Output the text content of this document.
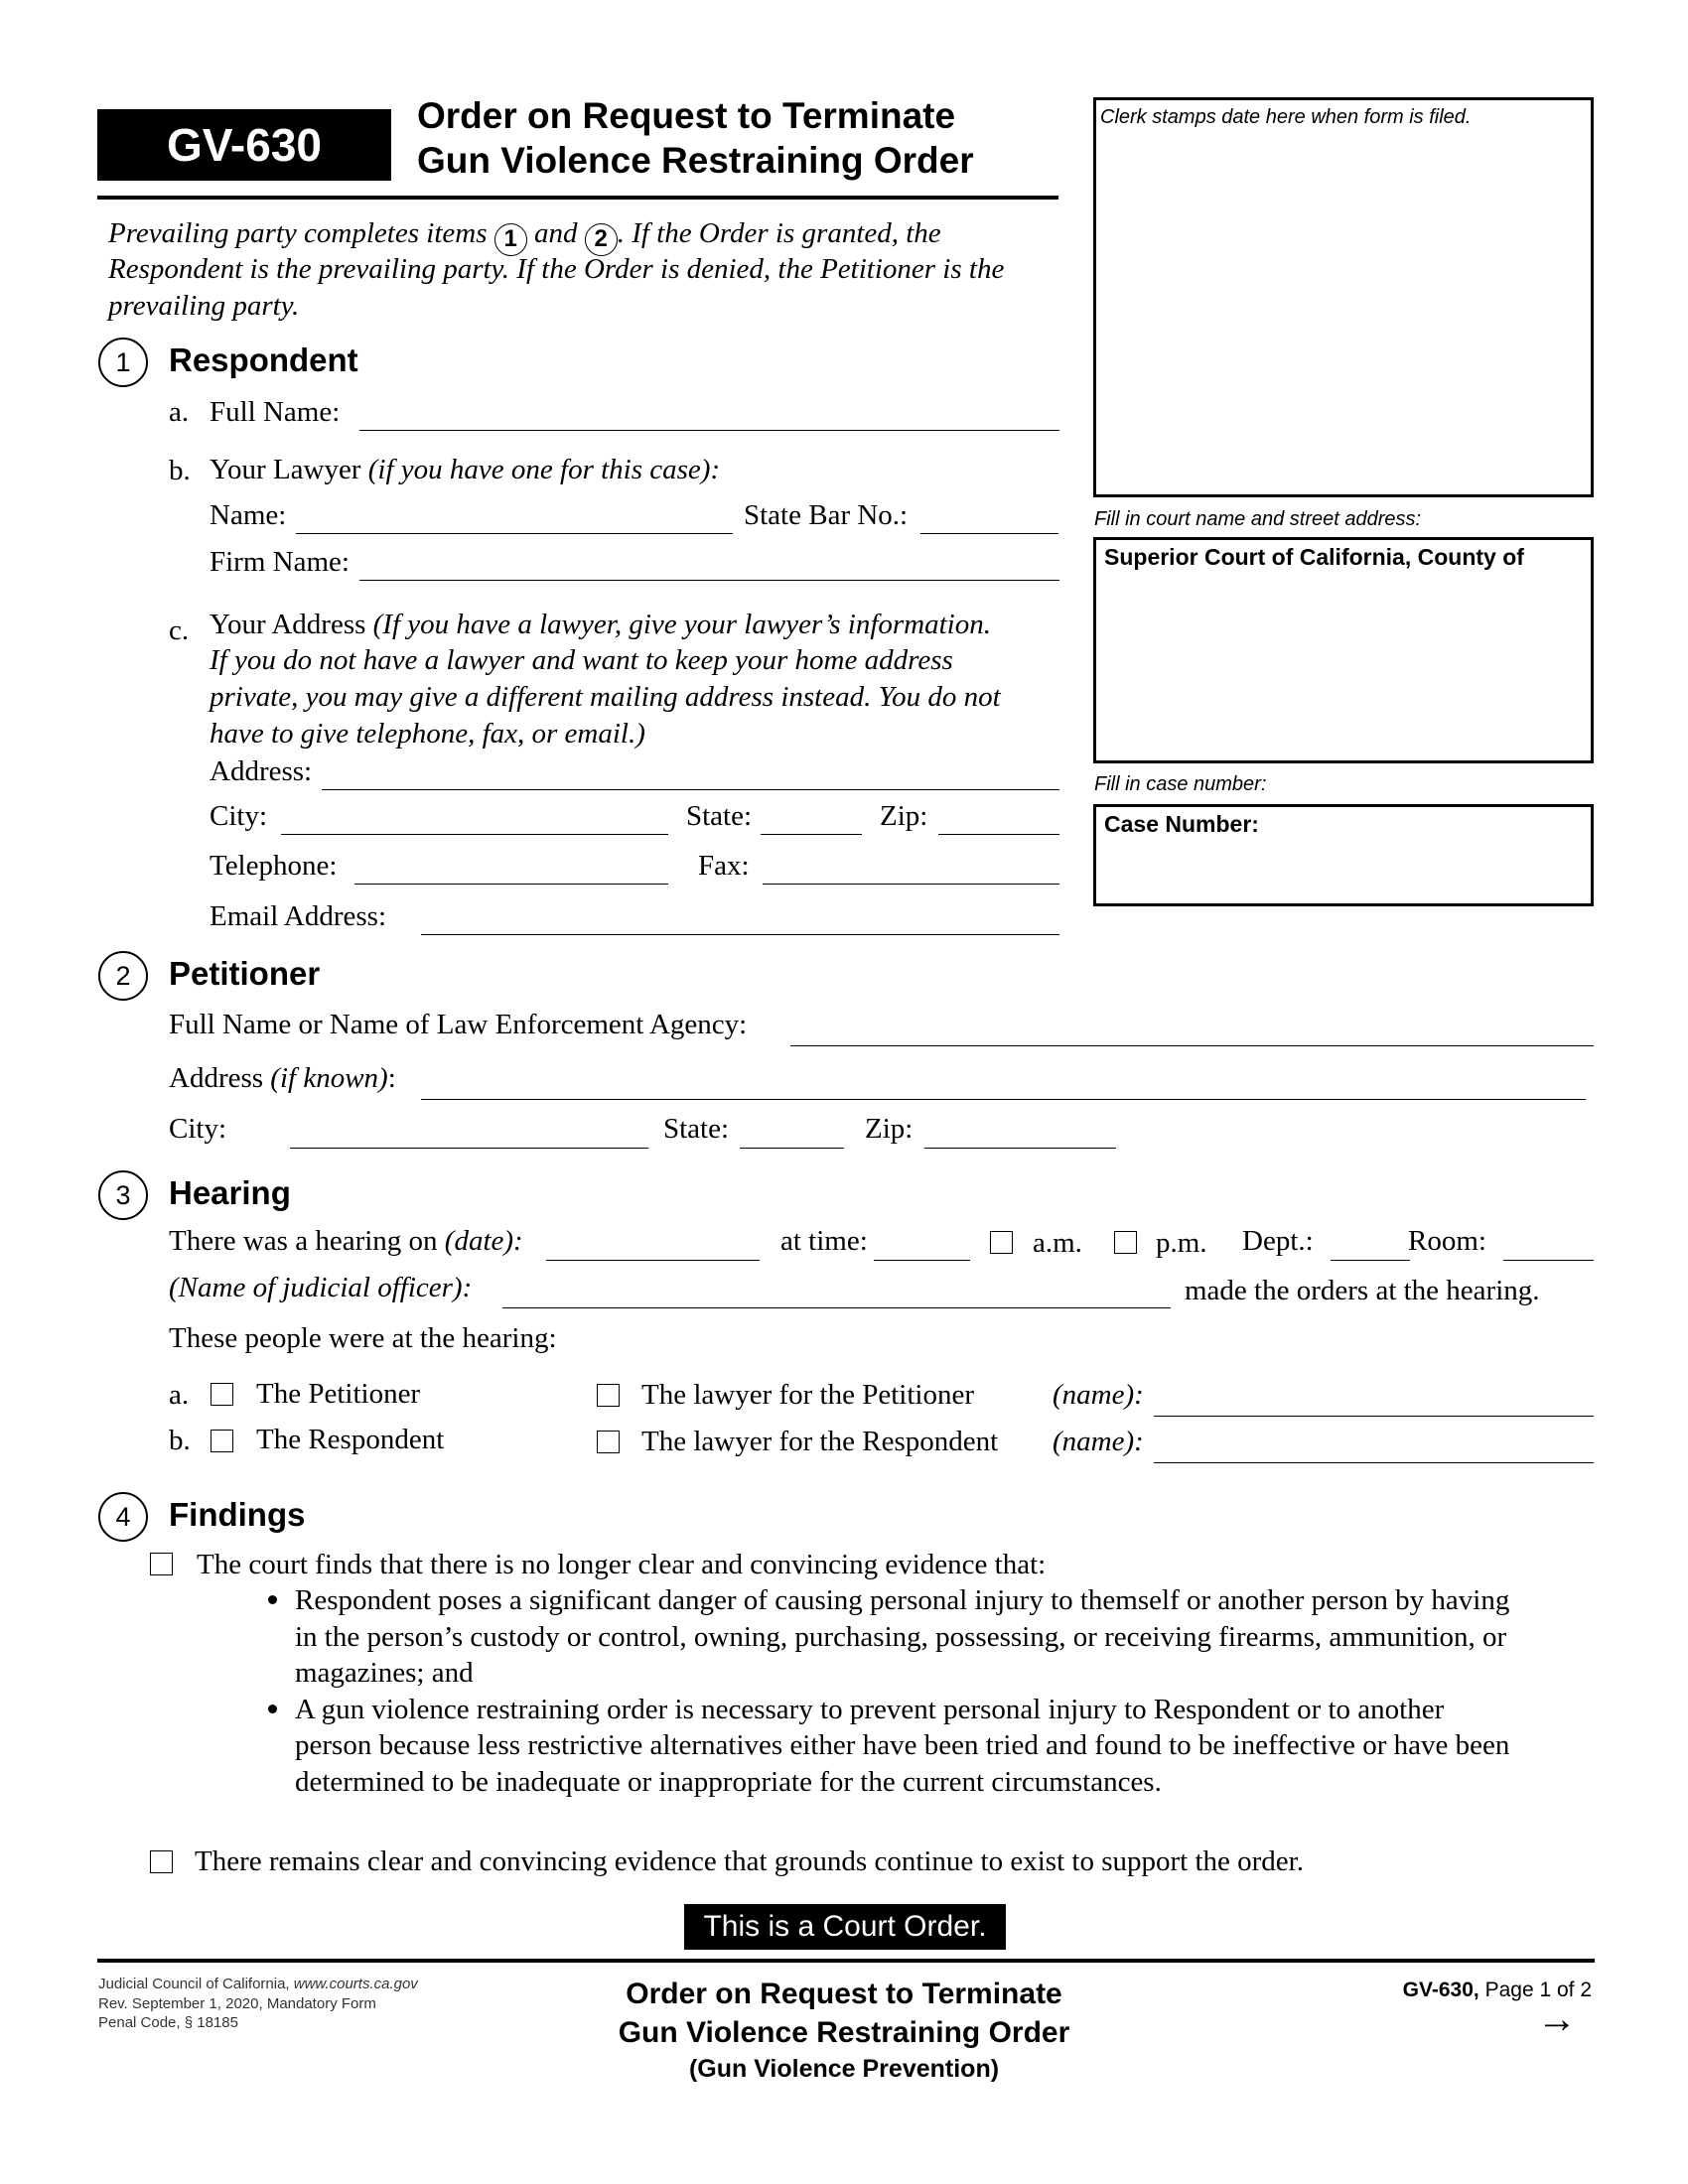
GV-630
Order on Request to Terminate
Gun Violence Restraining Order
Prevailing party completes items 1 and 2 . If the Order is granted, the
Respondent is the prevailing party. If the Order is denied, the Petitioner is the
prevailing party.
Clerk stamps date here when form is filed.
Fill in court name and street address:
Superior Court of California, County of
Fill in case number:
Case Number:
1	Respondent
a. Full Name:
b. Your Lawyer (if you have one for this case):
Name:	State Bar No.:
Firm Name:
c. Your Address (If you have a lawyer, give your lawyer’s information.
If you do not have a lawyer and want to keep your home address
private, you may give a different mailing address instead. You do not
have to give telephone, fax, or email.)
Address:
City:	State:	Zip:
Telephone:	Fax:
Email Address:
2	Petitioner
Full Name or Name of Law Enforcement Agency:
Address (if known):
City:	State:	Zip:
3	Hearing
There was a hearing on (date):	at time:	a.m.	p.m. Dept.:	Room:
(Name of judicial officer):	made the orders at the hearing.
These people were at the hearing:
a. The Petitioner	The lawyer for the Petitioner	(name):
b. The Respondent	The lawyer for the Respondent (name):
4	Findings
The court finds that there is no longer clear and convincing evidence that:
Respondent poses a significant danger of causing personal injury to themself or another person by having
in the person’s custody or control, owning, purchasing, possessing, or receiving firearms, ammunition, or
magazines; and
A gun violence restraining order is necessary to prevent personal injury to Respondent or to another
person because less restrictive alternatives either have been tried and found to be ineffective or have been
determined to be inadequate or inappropriate for the current circumstances.
There remains clear and convincing evidence that grounds continue to exist to support the order.
This is a Court Order.
Judicial Council of California, www.courts.ca.gov
Rev. September 1, 2020, Mandatory Form
Penal Code, § 18185
Order on Request to Terminate
Gun Violence Restraining Order
(Gun Violence Prevention)
GV-630, Page 1 of 2
→
